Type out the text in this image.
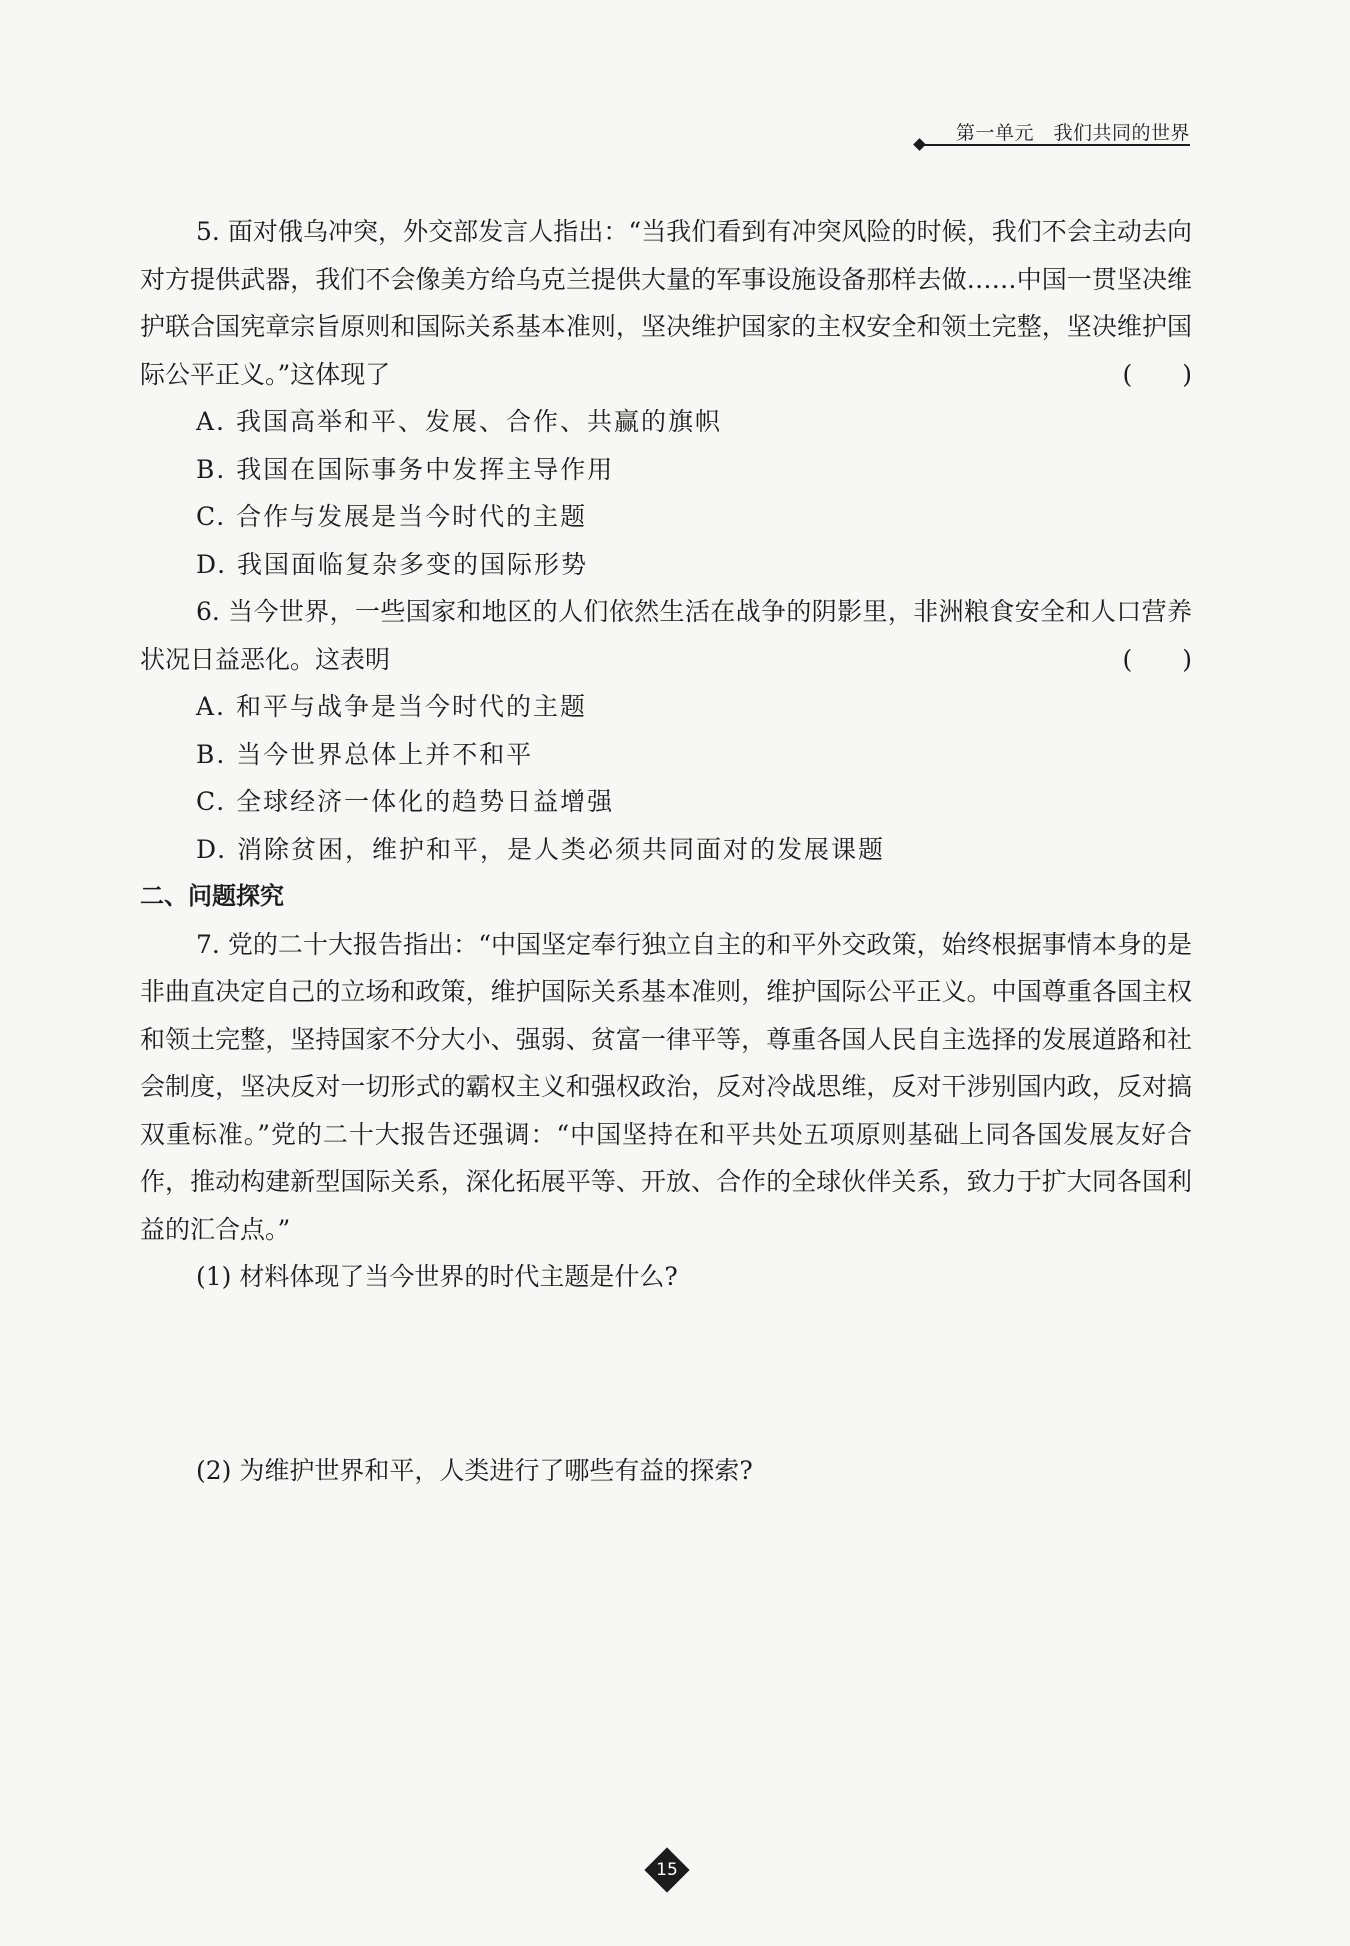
第一单元　我们共同的世界

5. 面对俄乌冲突，外交部发言人指出：“当我们看到有冲突风险的时候，我们不会主动去向对方提供武器，我们不会像美方给乌克兰提供大量的军事设施设备那样去做……中国一贯坚决维护联合国宪章宗旨原则和国际关系基本准则，坚决维护国家的主权安全和领土完整，坚决维护国际公平正义。”这体现了	(　　)

A. 我国高举和平、发展、合作、共赢的旗帜

B. 我国在国际事务中发挥主导作用

C. 合作与发展是当今时代的主题

D. 我国面临复杂多变的国际形势

6. 当今世界，一些国家和地区的人们依然生活在战争的阴影里，非洲粮食安全和人口营养状况日益恶化。这表明	(　　)

A. 和平与战争是当今时代的主题

B. 当今世界总体上并不和平

C. 全球经济一体化的趋势日益增强

D. 消除贫困，维护和平，是人类必须共同面对的发展课题

二、问题探究

7. 党的二十大报告指出：“中国坚定奉行独立自主的和平外交政策，始终根据事情本身的是非曲直决定自己的立场和政策，维护国际关系基本准则，维护国际公平正义。中国尊重各国主权和领土完整，坚持国家不分大小、强弱、贫富一律平等，尊重各国人民自主选择的发展道路和社会制度，坚决反对一切形式的霸权主义和强权政治，反对冷战思维，反对干涉别国内政，反对搞双重标准。”党的二十大报告还强调：“中国坚持在和平共处五项原则基础上同各国发展友好合作，推动构建新型国际关系，深化拓展平等、开放、合作的全球伙伴关系，致力于扩大同各国利益的汇合点。”

(1) 材料体现了当今世界的时代主题是什么?

(2) 为维护世界和平，人类进行了哪些有益的探索?

15
